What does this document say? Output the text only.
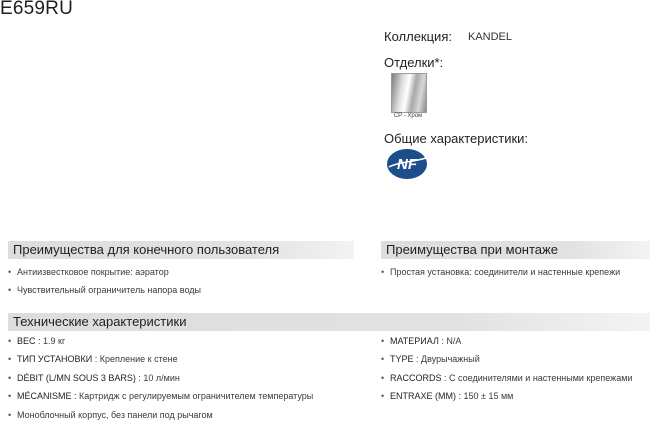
E659RU
Коллекция: KANDEL
Отделки*:
CP - Хром
Общие характеристики:
NF
Преимущества для конечного пользователя
• Антиизвестковое покрытие: аэратор
• Чувствительный ограничитель напора воды
Преимущества при монтаже
• Простая установка: соединители и настенные крепежи
Технические характеристики
• ВЕС : 1.9 кг
• ТИП УСТАНОВКИ : Крепление к стене
• DÉBIT (L/MN SOUS 3 BARS) : 10 л/мин
• MÉCANISME : Картридж с регулируемым ограничителем температуры
• Моноблочный корпус, без панели под рычагом
• МАТЕРИАЛ : N/A
• TYPE : Двурычажный
• RACCORDS : С соединителями и настенными крепежами
• ENTRAXE (MM) : 150 ± 15 мм
